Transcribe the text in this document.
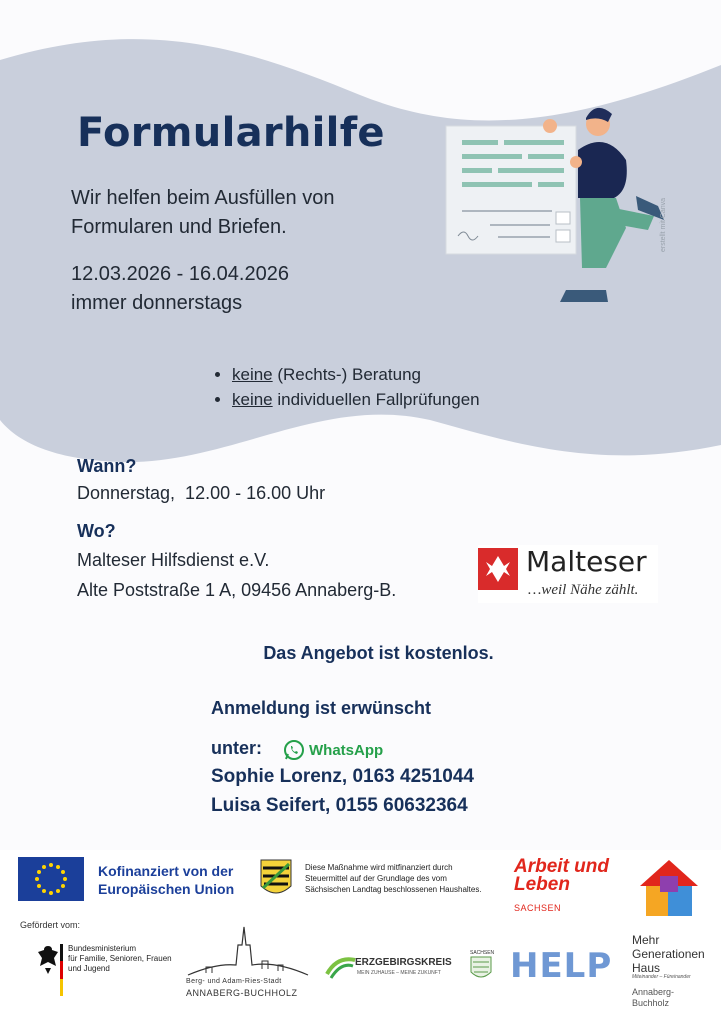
Formularhilfe
Wir helfen beim Ausfüllen von
Formularen und Briefen.
12.03.2026 - 16.04.2026
immer donnerstags
erstellt mit Canva
• keine (Rechts-) Beratung
• keine individuellen Fallprüfungen
Wann?
Donnerstag,  12.00 - 16.00 Uhr
Wo?
Malteser Hilfsdienst e.V.
Alte Poststraße 1 A, 09456 Annaberg-B.
Malteser
…weil Nähe zählt.
Das Angebot ist kostenlos.
Anmeldung ist erwünscht
unter:	WhatsApp
Sophie Lorenz, 0163 4251044
Luisa Seifert, 0155 60632364
Kofinanziert von der
Europäischen Union
Diese Maßnahme wird mitfinanziert durch
Steuermittel auf der Grundlage des vom
Sächsischen Landtag beschlossenen Haushaltes.
Arbeit und
Leben
SACHSEN
Gefördert vom:
Bundesministerium
für Familie, Senioren, Frauen
und Jugend
Berg- und Adam-Ries-Stadt
ANNABERG-BUCHHOLZ
ERZGEBIRGSKREIS
MEIN ZUHAUSE – MEINE ZUKUNFT
SACHSEN HELP
Mehr
Generationen
Haus
Miteinander – Füreinander
Annaberg-
Buchholz
